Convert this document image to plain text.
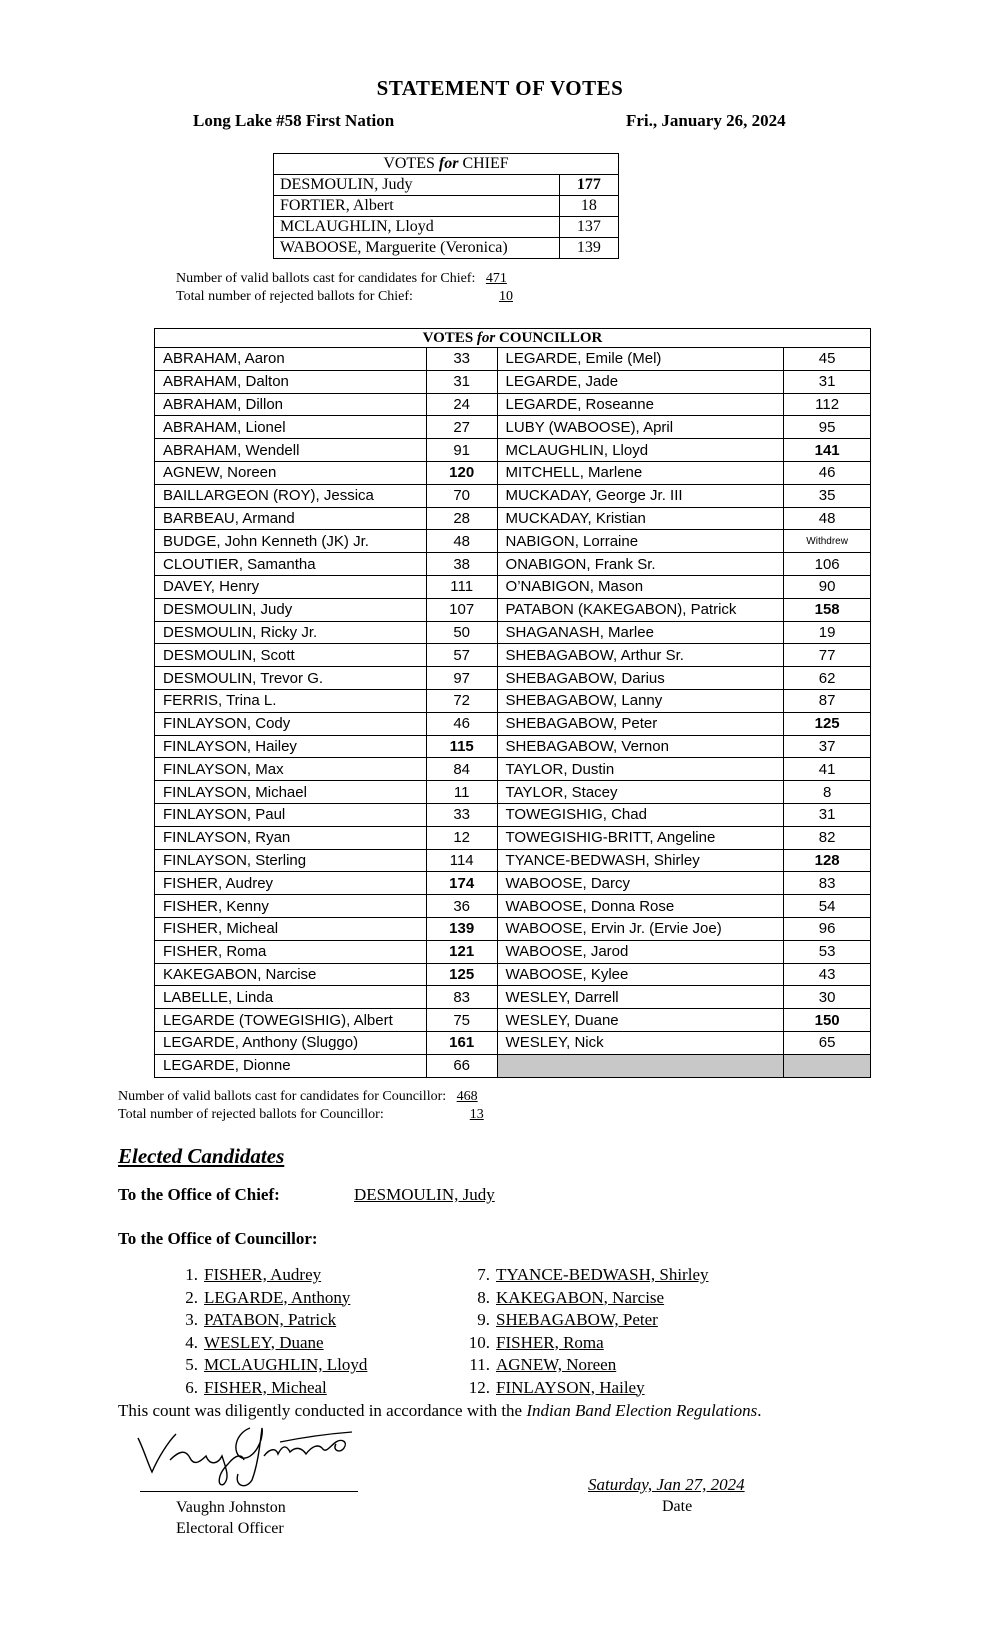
STATEMENT OF VOTES
Long Lake #58 First Nation	Fri., January 26, 2024
VOTES for CHIEF	
DESMOULIN, Judy	177
FORTIER, Albert	18
MCLAUGHLIN, Lloyd	137
WABOOSE, Marguerite (Veronica)	139
Number of valid ballots cast for candidates for Chief: 471
Total number of rejected ballots for Chief:	10
VOTES for COUNCILLOR			
ABRAHAM, Aaron	33	LEGARDE, Emile (Mel)	45
ABRAHAM, Dalton	31	LEGARDE, Jade	31
ABRAHAM, Dillon	24	LEGARDE, Roseanne	112
ABRAHAM, Lionel	27	LUBY (WABOOSE), April	95
ABRAHAM, Wendell	91	MCLAUGHLIN, Lloyd	141
AGNEW, Noreen	120	MITCHELL, Marlene	46
BAILLARGEON (ROY), Jessica	70	MUCKADAY, George Jr. III	35
BARBEAU, Armand	28	MUCKADAY, Kristian	48
BUDGE, John Kenneth (JK) Jr.	48	NABIGON, Lorraine	Withdrew
CLOUTIER, Samantha	38	ONABIGON, Frank Sr.	106
DAVEY, Henry	111	O’NABIGON, Mason	90
DESMOULIN, Judy	107	PATABON (KAKEGABON), Patrick	158
DESMOULIN, Ricky Jr.	50	SHAGANASH, Marlee	19
DESMOULIN, Scott	57	SHEBAGABOW, Arthur Sr.	77
DESMOULIN, Trevor G.	97	SHEBAGABOW, Darius	62
FERRIS, Trina L.	72	SHEBAGABOW, Lanny	87
FINLAYSON, Cody	46	SHEBAGABOW, Peter	125
FINLAYSON, Hailey	115	SHEBAGABOW, Vernon	37
FINLAYSON, Max	84	TAYLOR, Dustin	41
FINLAYSON, Michael	11	TAYLOR, Stacey	8
FINLAYSON, Paul	33	TOWEGISHIG, Chad	31
FINLAYSON, Ryan	12	TOWEGISHIG-BRITT, Angeline	82
FINLAYSON, Sterling	114	TYANCE-BEDWASH, Shirley	128
FISHER, Audrey	174	WABOOSE, Darcy	83
FISHER, Kenny	36	WABOOSE, Donna Rose	54
FISHER, Micheal	139	WABOOSE, Ervin Jr. (Ervie Joe)	96
FISHER, Roma	121	WABOOSE, Jarod	53
KAKEGABON, Narcise	125	WABOOSE, Kylee	43
LABELLE, Linda	83	WESLEY, Darrell	30
LEGARDE (TOWEGISHIG), Albert	75	WESLEY, Duane	150
LEGARDE, Anthony (Sluggo)	161	WESLEY, Nick	65
LEGARDE, Dionne	66		
Number of valid ballots cast for candidates for Councillor: 468
Total number of rejected ballots for Councillor:	13
Elected Candidates
To the Office of Chief:	DESMOULIN, Judy
To the Office of Councillor:
1. FISHER, Audrey
2. LEGARDE, Anthony
3. PATABON, Patrick
4. WESLEY, Duane
5. MCLAUGHLIN, Lloyd
6. FISHER, Micheal
7. TYANCE-BEDWASH, Shirley
8. KAKEGABON, Narcise
9. SHEBAGABOW, Peter
10. FISHER, Roma
11. AGNEW, Noreen
12. FINLAYSON, Hailey
This count was diligently conducted in accordance with the Indian Band Election Regulations.
Vaughn Johnston
Vaughn Johnston
Electoral Officer
Saturday, Jan 27, 2024
Date
